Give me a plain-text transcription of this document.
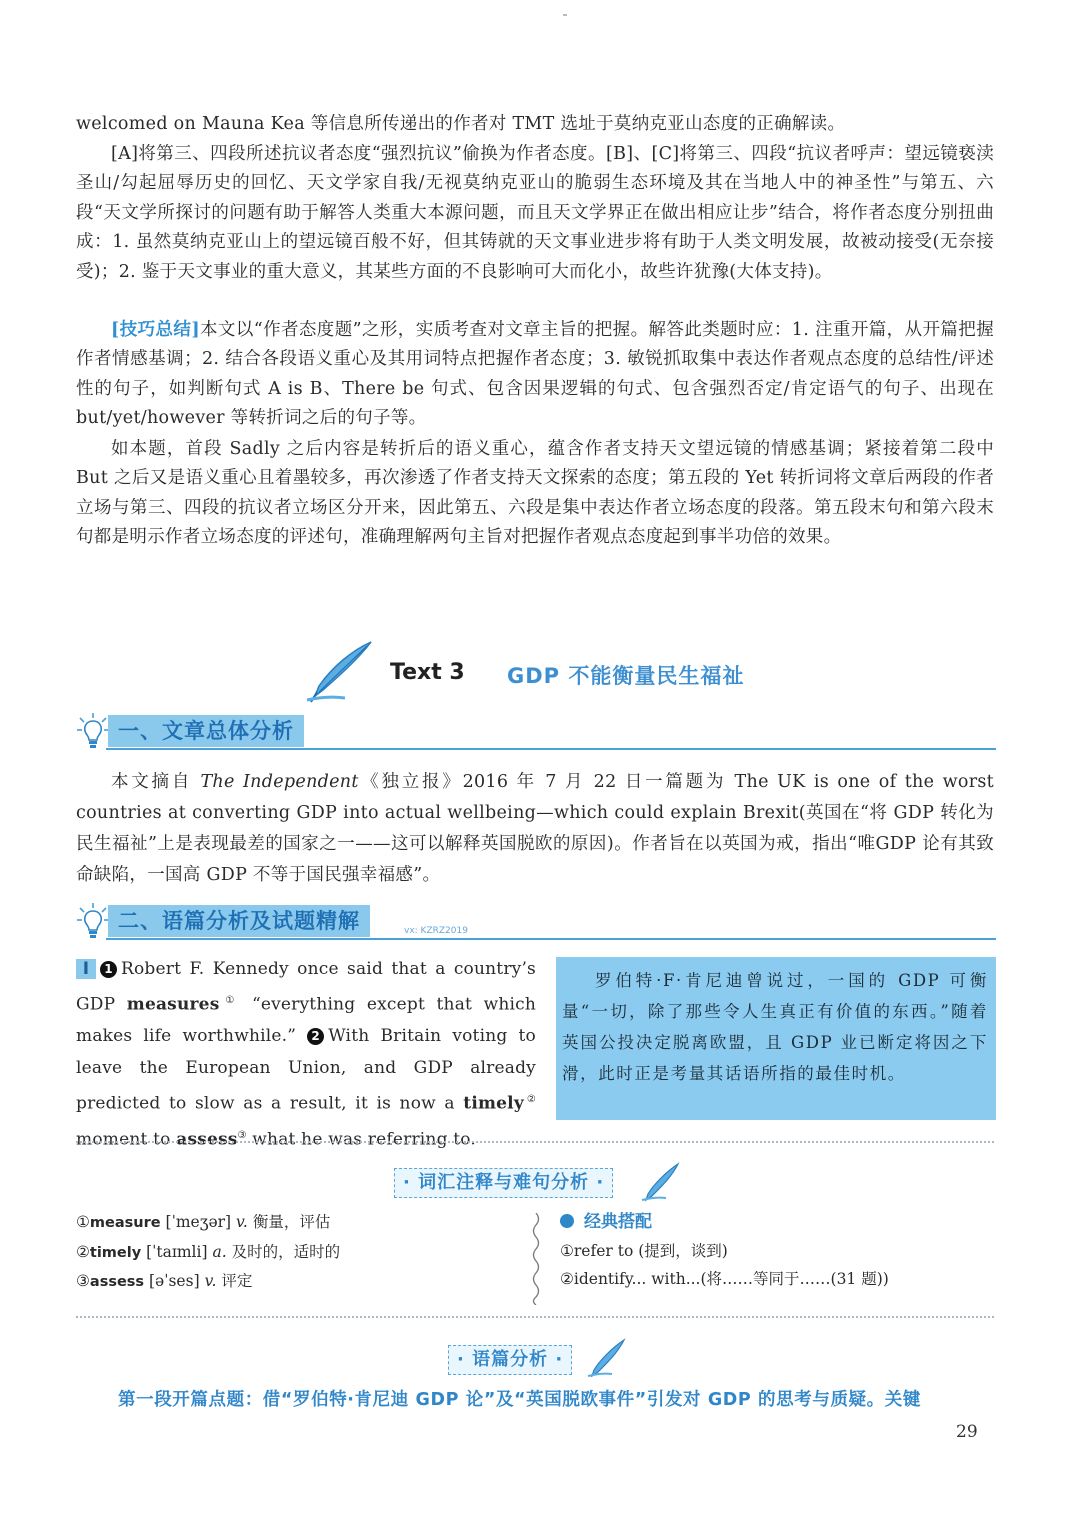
welcomed on Mauna Kea 等信息所传递出的作者对 TMT 选址于莫纳克亚山态度的正确解读。

[A]将第三、四段所述抗议者态度“强烈抗议”偷换为作者态度。[B]、[C]将第三、四段“抗议者呼声：望远镜亵渎圣山/勾起屈辱历史的回忆、天文学家自我/无视莫纳克亚山的脆弱生态环境及其在当地人中的神圣性”与第五、六段“天文学所探讨的问题有助于解答人类重大本源问题，而且天文学界正在做出相应让步”结合，将作者态度分别扭曲成：1. 虽然莫纳克亚山上的望远镜百般不好，但其铸就的天文事业进步将有助于人类文明发展，故被动接受(无奈接受)；2. 鉴于天文事业的重大意义，其某些方面的不良影响可大而化小，故些许犹豫(大体支持)。

[技巧总结]本文以“作者态度题”之形，实质考查对文章主旨的把握。解答此类题时应：1. 注重开篇，从开篇把握作者情感基调；2. 结合各段语义重心及其用词特点把握作者态度；3. 敏锐抓取集中表达作者观点态度的总结性/评述性的句子，如判断句式 A is B、There be 句式、包含因果逻辑的句式、包含强烈否定/肯定语气的句子、出现在 but/yet/however 等转折词之后的句子等。

如本题，首段 Sadly 之后内容是转折后的语义重心，蕴含作者支持天文望远镜的情感基调；紧接着第二段中 But 之后又是语义重心且着墨较多，再次渗透了作者支持天文探索的态度；第五段的 Yet 转折词将文章后两段的作者立场与第三、四段的抗议者立场区分开来，因此第五、六段是集中表达作者立场态度的段落。第五段末句和第六段末句都是明示作者立场态度的评述句，准确理解两句主旨对把握作者观点态度起到事半功倍的效果。

Text 3 GDP 不能衡量民生福祉
一、文章总体分析

本文摘自 The Independent《独立报》2016 年 7 月 22 日一篇题为 The UK is one of the worst countries at converting GDP into actual wellbeing—which could explain Brexit(英国在“将 GDP 转化为民生福祉”上是表现最差的国家之一——这可以解释英国脱欧的原因)。作者旨在以英国为戒，指出“唯GDP 论有其致命缺陷，一国高 GDP 不等于国民强幸福感”。

二、语篇分析及试题精解	vx: KZRZ2019

I 1 Robert F. Kennedy once said that a country’s GDP measures① “everything except that which makes life worthwhile.” 2 With Britain voting to leave the European Union, and GDP already predicted to slow as a result, it is now a timely② moment to assess③ what he was referring to.

罗伯特·F·肯尼迪曾说过，一国的 GDP 可衡量“一切，除了那些令人生真正有价值的东西。”随着英国公投决定脱离欧盟，且 GDP 业已断定将因之下滑，此时正是考量其话语所指的最佳时机。
· 词汇注释与难句分析 ·
①measure [ˈmeʒər] v. 衡量，评估
②timely [ˈtaɪmli] a. 及时的，适时的
③assess [əˈses] v. 评定
经典搭配
①refer to (提到，谈到)
②identify... with...(将……等同于……(31 题))
· 语篇分析 ·
第一段开篇点题：借“罗伯特·肯尼迪 GDP 论”及“英国脱欧事件”引发对 GDP 的思考与质疑。关键
29
